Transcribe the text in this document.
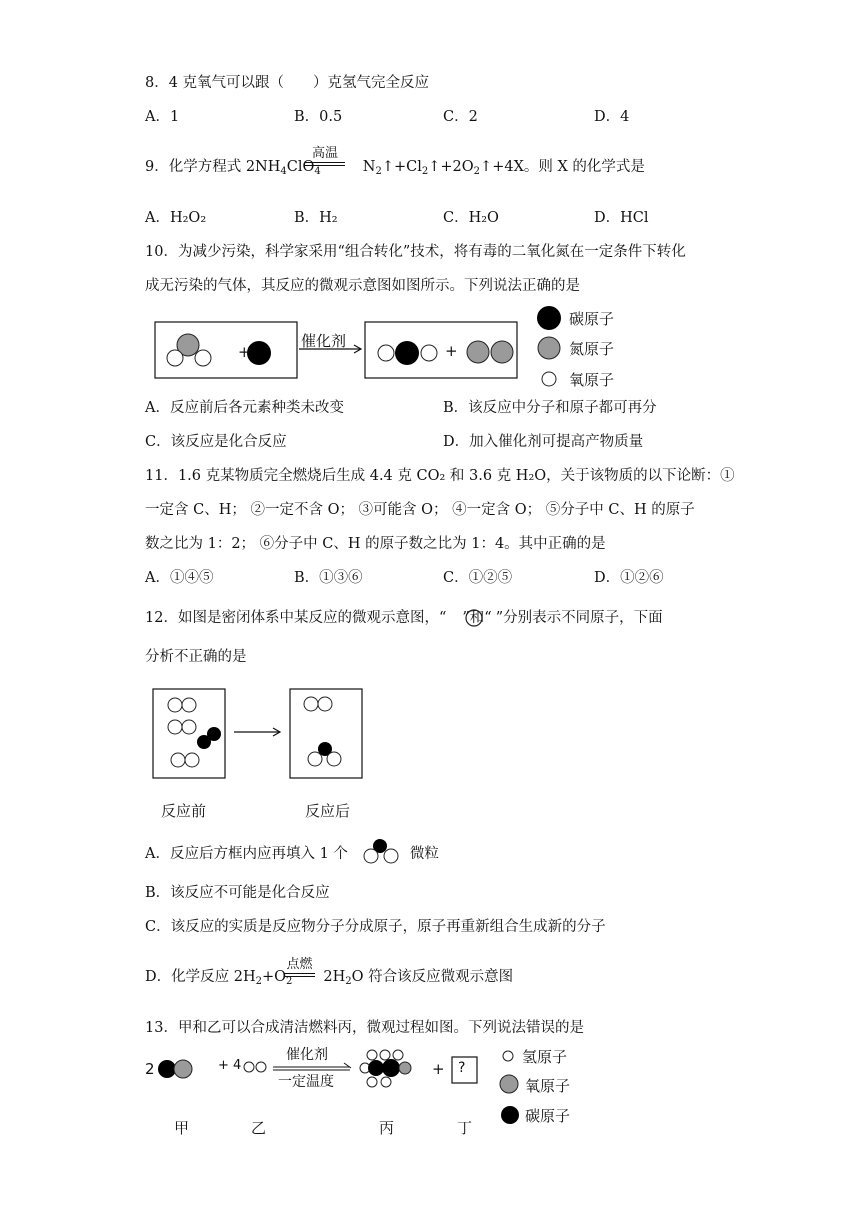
8．4 克氧气可以跟（　　）克氢气完全反应
A．1	B．0.5	C．2	D．4
9．化学方程式 $2NH_4ClO_4$	$N_2↑+Cl_2↑+2O_2↑+4X$。则 X 的化学式是
高温
A．H₂O₂	B．H₂	C．H₂O	D．HCl
10．为减少污染，科学家采用“组合转化”技术，将有毒的二氧化氮在一定条件下转化
成无污染的气体，其反应的微观示意图如图所示。下列说法正确的是
催化剂
+	+
碳原子
氮原子
氧原子
A．反应前后各元素种类未改变	B．该反应中分子和原子都可再分
C．该反应是化合反应	D．加入催化剂可提高产物质量
11．1.6 克某物质完全燃烧后生成 4.4 克 CO₂ 和 3.6 克 H₂O，关于该物质的以下论断：①
一定含 C、H； ②一定不含 O； ③可能含 O； ④一定含 O； ⑤分子中 C、H 的原子
数之比为 1：2； ⑥分子中 C、H 的原子数之比为 1：4。其中正确的是
A．①④⑤	B．①③⑥	C．①②⑤	D．①②⑥
12．如图是密闭体系中某反应的微观示意图，“ ”和“ ”分别表示不同原子，下面
分析不正确的是
反应前	反应后
A．反应后方框内应再填入 1 个	微粒
B．该反应不可能是化合反应
C．该反应的实质是反应物分子分成原子，原子再重新组合生成新的分子
D．化学反应 $2H_2+O_2$ $2H_2O$ 符合该反应微观示意图
点燃
13．甲和乙可以合成清洁燃料丙，微观过程如图。下列说法错误的是
2	+ 4
催化剂
一定温度
+ ?
氢原子
氧原子
碳原子
甲	乙	丙	丁
